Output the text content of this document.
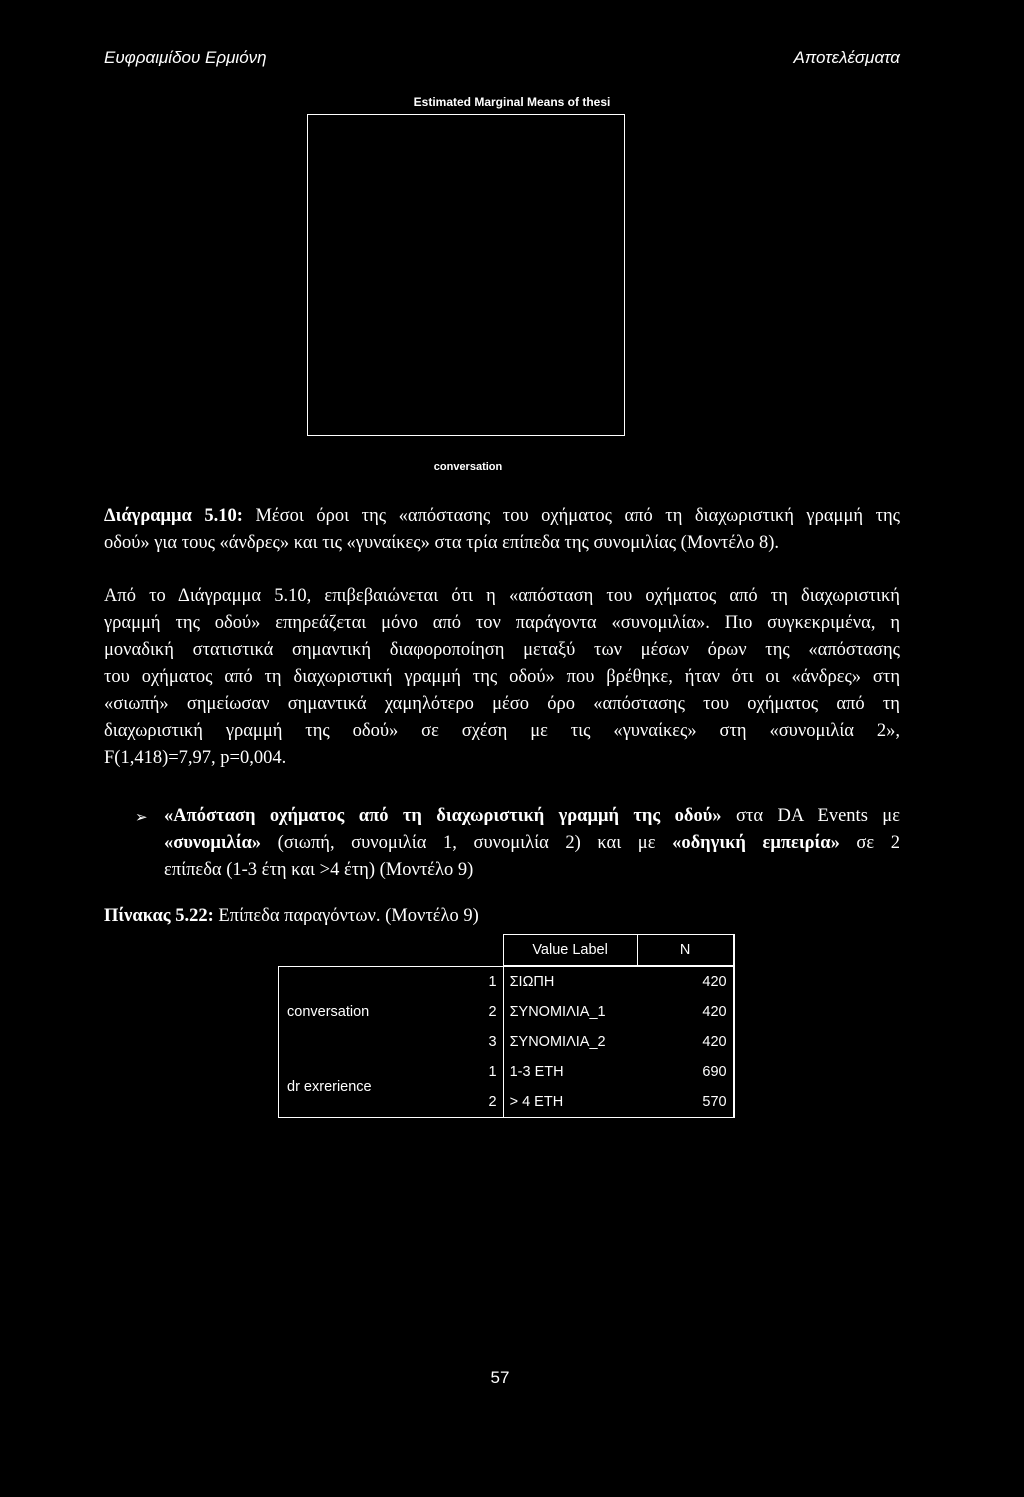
Ευφραιμίδου Ερμιόνη	Αποτελέσματα
Estimated Marginal Means of thesi
conversation
Διάγραμμα 5.10: Μέσοι όροι της «απόστασης του οχήματος από τη διαχωριστική γραμμή της
οδού» για τους «άνδρες» και τις «γυναίκες» στα τρία επίπεδα της συνομιλίας (Μοντέλο 8).
Από το Διάγραμμα 5.10, επιβεβαιώνεται ότι η «απόσταση του οχήματος από τη διαχωριστική
γραμμή της οδού» επηρεάζεται μόνο από τον παράγοντα «συνομιλία». Πιο συγκεκριμένα, η
μοναδική στατιστικά σημαντική διαφοροποίηση μεταξύ των μέσων όρων της «απόστασης
του οχήματος από τη διαχωριστική γραμμή της οδού» που βρέθηκε, ήταν ότι οι «άνδρες» στη
«σιωπή» σημείωσαν σημαντικά χαμηλότερο μέσο όρο «απόστασης του οχήματος από τη
διαχωριστική γραμμή της οδού» σε σχέση με τις «γυναίκες» στη «συνομιλία 2»,
F(1,418)=7,97, p=0,004.
➢ «Απόσταση οχήματος από τη διαχωριστική γραμμή της οδού» στα DA Events με
«συνομιλία» (σιωπή, συνομιλία 1, συνομιλία 2) και με «οδηγική εμπειρία» σε 2
επίπεδα (1-3 έτη και >4 έτη) (Μοντέλο 9)
Πίνακας 5.22: Επίπεδα παραγόντων. (Μοντέλο 9)
		Value Label	N
	1	ΣΙΩΠΗ	420
conversation	2	ΣΥΝΟΜΙΛΙΑ_1	420
	3	ΣΥΝΟΜΙΛΙΑ_2	420
dr exrerience	1	1-3 ΕΤΗ	690
	2	> 4 ΕΤΗ	570
57
